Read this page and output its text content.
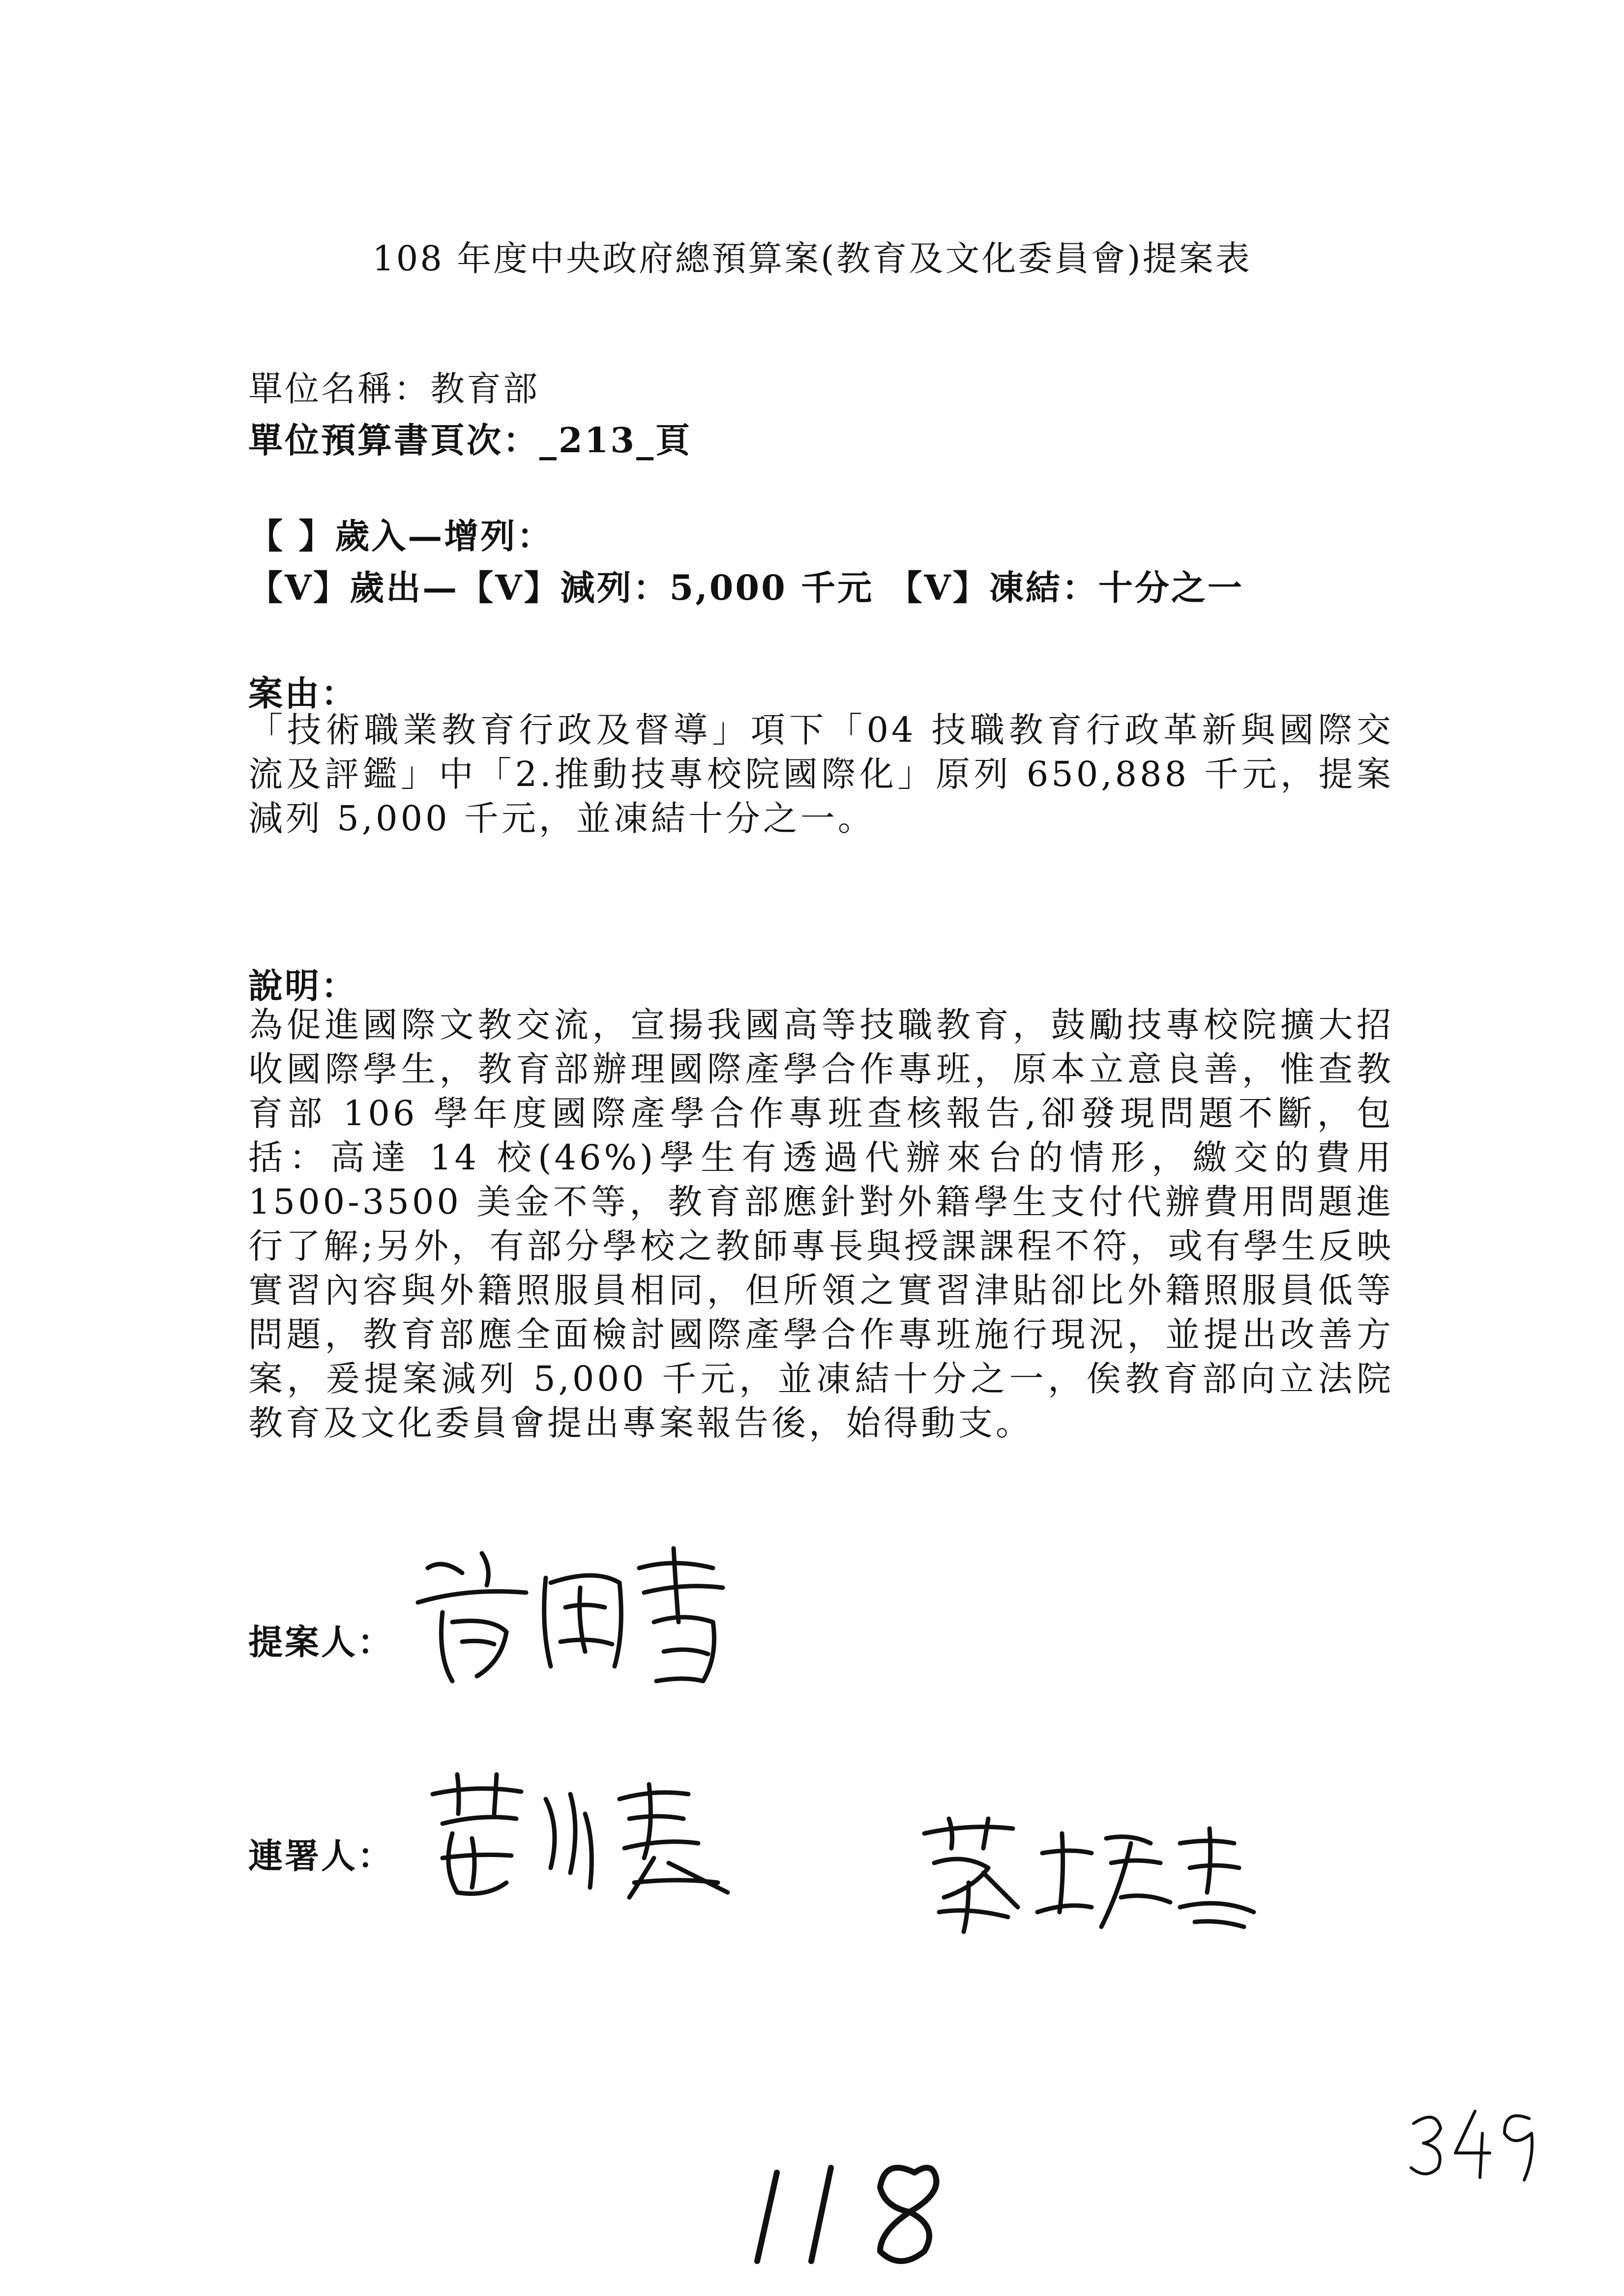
108 年度中央政府總預算案(教育及文化委員會)提案表
單位名稱：教育部
單位預算書頁次：_213_頁
【 】歲入—增列：
【V】歲出—【V】減列：5,000 千元 【V】凍結：十分之一
案由：

「技術職業教育行政及督導」項下「04 技職教育行政革新與國際交流及評鑑」中「2.推動技專校院國際化」原列 650,888 千元，提案減列 5,000 千元，並凍結十分之一。

說明：

為促進國際文教交流，宣揚我國高等技職教育，鼓勵技專校院擴大招收國際學生，教育部辦理國際產學合作專班，原本立意良善，惟查教育部 106 學年度國際產學合作專班查核報告,卻發現問題不斷，包括：高達 14 校(46%)學生有透過代辦來台的情形，繳交的費用 1500-3500 美金不等，教育部應針對外籍學生支付代辦費用問題進行了解;另外，有部分學校之教師專長與授課課程不符，或有學生反映實習內容與外籍照服員相同，但所領之實習津貼卻比外籍照服員低等問題，教育部應全面檢討國際產學合作專班施行現況，並提出改善方案，爰提案減列 5,000 千元，並凍結十分之一，俟教育部向立法院教育及文化委員會提出專案報告後，始得動支。

提案人：
連署人：
